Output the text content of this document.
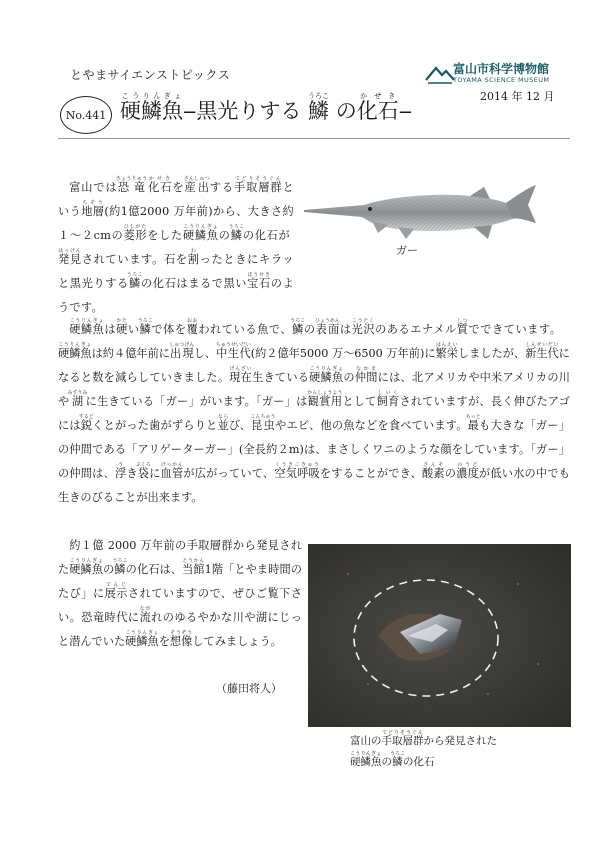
とやまサイエンストピックス	富山市科学博物館
TOYAMA SCIENCE MUSEUM
2014 年 12 月
No.441 硬鱗魚こうりんぎょ‒黒光りする 鱗うろこ の化石かせき‒
富山では恐竜きょうりゅう化石かせきを産出さんしゅつする手取層群てどりそうぐんという地層ちそう(約1億2000 万年前)から、大きさ約１～２cmの菱形ひしがたをした硬鱗魚こうりんぎょの鱗うろこの化石が発見はっけんされています。石を割わったときにキラッと黒光りする鱗うろこの化石はまるで黒い宝石ほうせきのようです。
ガー
硬鱗魚こうりんぎょは硬かたい鱗うろこで体を覆おおわれている魚で、鱗うろこの表面ひょうめんは光沢こうたくのあるエナメル質しつでできています。硬鱗魚こうりんぎょは約４億年前に出現しゅつげんし、中生代ちゅうせいだい(約２億年5000 万～6500 万年前)に繁栄はんえいしましたが、新生代しんせいだいになると数を減らしていきました。現在げんざい生きている硬鱗魚こうりんぎょの仲間なかまには、北アメリカや中米アメリカの川や湖みずうみに生きている「ガー」がいます。「ガー」は観賞用かんしょうようとして飼育しいくされていますが、長く伸びたアゴには鋭するどくとがった歯がずらりと並ならび、昆虫こんちゅうやエビ、他の魚などを食べています。最もっとも大きな「ガー」の仲間である「アリゲーターガー」(全長約２m)は、まさしくワニのような顔をしています。「ガー」の仲間は、浮うき袋ぶくろに血管けっかんが広がっていて、空気呼吸くうきこきゅうをすることができ、酸素さんその濃度のうどが低い水の中でも生きのびることが出来ます。
約１億 2000 万年前の手取層群から発見された硬鱗魚こうりんぎょの鱗うろこの化石は、当館とうかん1階「とやま時間のたび」に展示てんじされていますので、ぜひご覧下さい。恐竜時代に流ながれのゆるやかな川や湖にじっと潜んでいた硬鱗魚こうりんぎょを想像そうぞうしてみましょう。
（藤田将人）
富山の手取層群てどりそうぐんから発見された
硬鱗魚こうりんぎょの鱗うろこの化石
